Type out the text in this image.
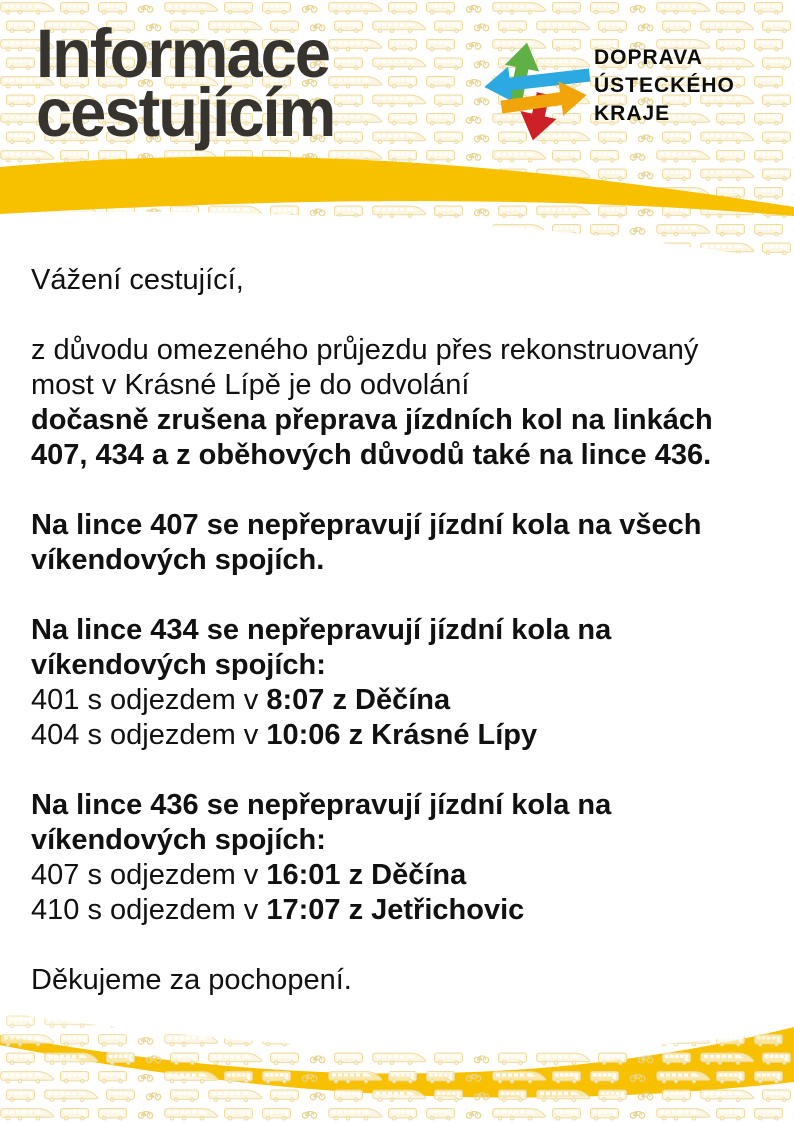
Informace
cestujícím
DOPRAVA
ÚSTECKÉHO
KRAJE

Vážení cestující,

z důvodu omezeného průjezdu přes rekonstruovaný

most v Krásné Lípě je do odvolání

dočasně zrušena přeprava jízdních kol na linkách

407, 434 a z oběhových důvodů také na lince 436.

Na lince 407 se nepřepravují jízdní kola na všech

víkendových spojích.

Na lince 434 se nepřepravují jízdní kola na

víkendových spojích:

401 s odjezdem v 8:07 z Děčína

404 s odjezdem v 10:06 z Krásné Lípy

Na lince 436 se nepřepravují jízdní kola na

víkendových spojích:

407 s odjezdem v 16:01 z Děčína

410 s odjezdem v 17:07 z Jetřichovic

Děkujeme za pochopení.
